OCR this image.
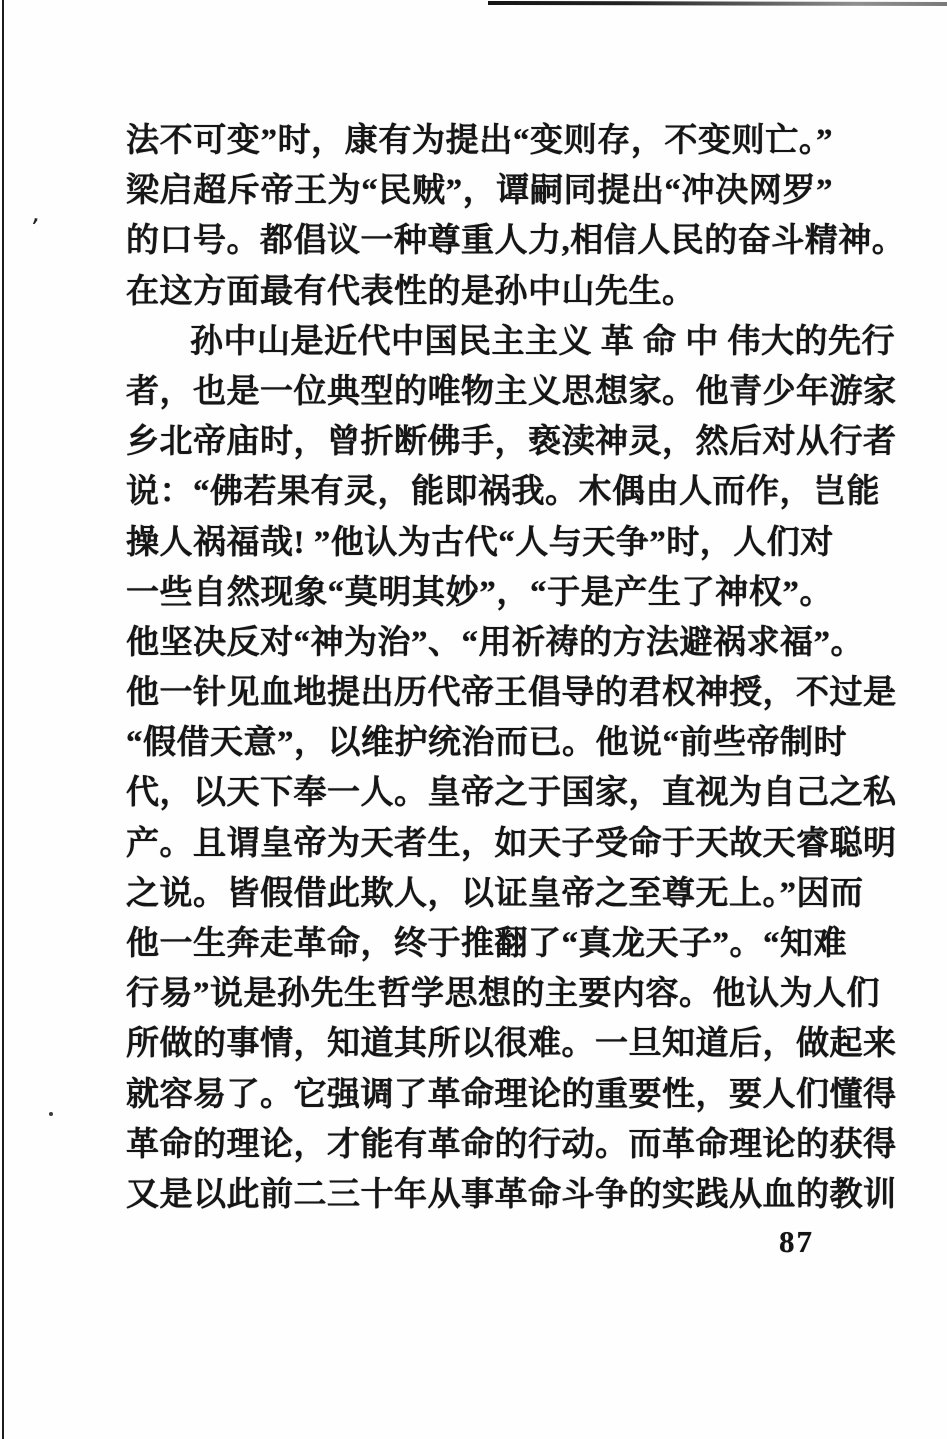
’
法不可变”时，康有为提出“变则存，不变则亡。”
梁启超斥帝王为“民贼”，谭嗣同提出“冲决网罗”
的口号。都倡议一种尊重人力,相信人民的奋斗精神。
在这方面最有代表性的是孙中山先生。
孙中山是近代中国民主主义 革 命 中 伟大的先行
者，也是一位典型的唯物主义思想家。他青少年游家
乡北帝庙时，曾折断佛手，亵渎神灵，然后对从行者
说：“佛若果有灵，能即祸我。木偶由人而作，岂能
操人祸福哉! ”他认为古代“人与天争”时，人们对
一些自然现象“莫明其妙”，“于是产生了神权”。
他坚决反对“神为治”、“用祈祷的方法避祸求福”。
他一针见血地提出历代帝王倡导的君权神授，不过是
“假借天意”，以维护统治而已。他说“前些帝制时
代，以天下奉一人。皇帝之于国家，直视为自己之私
产。且谓皇帝为天者生，如天子受命于天故天睿聪明
之说。皆假借此欺人，以证皇帝之至尊无上。”因而
他一生奔走革命，终于推翻了“真龙天子”。“知难
行易”说是孙先生哲学思想的主要内容。他认为人们
所做的事情，知道其所以很难。一旦知道后，做起来
就容易了。它强调了革命理论的重要性，要人们懂得
革命的理论，才能有革命的行动。而革命理论的获得
又是以此前二三十年从事革命斗争的实践从血的教训
87
